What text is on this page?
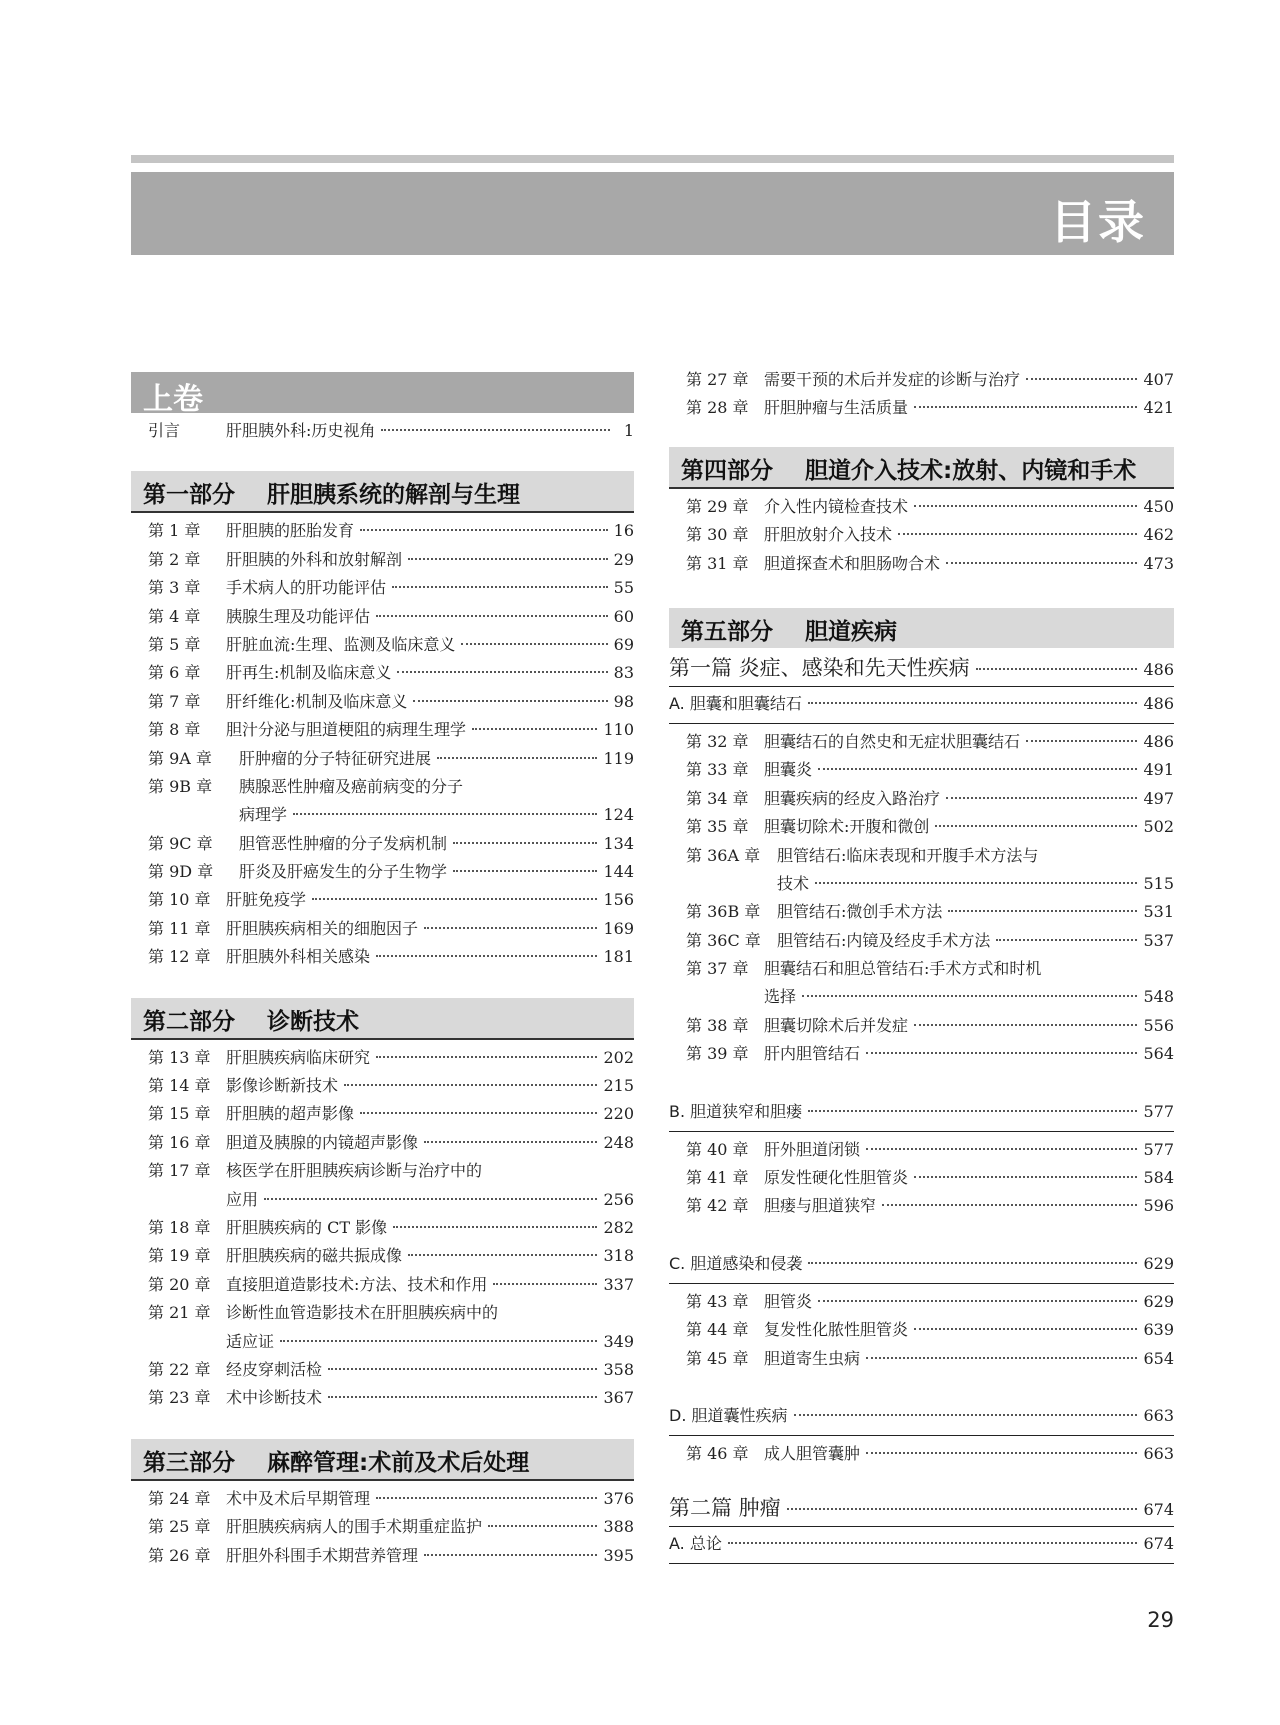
目录
上卷
引言	肝胆胰外科:历史视角	1
第一部分    肝胆胰系统的解剖与生理
第 1 章	肝胆胰的胚胎发育	16
第 2 章	肝胆胰的外科和放射解剖	29
第 3 章	手术病人的肝功能评估	55
第 4 章	胰腺生理及功能评估	60
第 5 章	肝脏血流:生理、监测及临床意义	69
第 6 章	肝再生:机制及临床意义	83
第 7 章	肝纤维化:机制及临床意义	98
第 8 章	胆汁分泌与胆道梗阻的病理生理学	110
第 9A 章	肝肿瘤的分子特征研究进展	119
第 9B 章	胰腺恶性肿瘤及癌前病变的分子
病理学	124
第 9C 章	胆管恶性肿瘤的分子发病机制	134
第 9D 章	肝炎及肝癌发生的分子生物学	144
第 10 章 肝脏免疫学	156
第 11 章 肝胆胰疾病相关的细胞因子	169
第 12 章 肝胆胰外科相关感染	181
第二部分    诊断技术
第 13 章 肝胆胰疾病临床研究	202
第 14 章 影像诊断新技术	215
第 15 章 肝胆胰的超声影像	220
第 16 章 胆道及胰腺的内镜超声影像	248
第 17 章 核医学在肝胆胰疾病诊断与治疗中的
应用	256
第 18 章 肝胆胰疾病的 CT 影像	282
第 19 章 肝胆胰疾病的磁共振成像	318
第 20 章 直接胆道造影技术:方法、技术和作用	337
第 21 章 诊断性血管造影技术在肝胆胰疾病中的
适应证	349
第 22 章 经皮穿刺活检	358
第 23 章 术中诊断技术	367
第三部分    麻醉管理:术前及术后处理
第 24 章 术中及术后早期管理	376
第 25 章 肝胆胰疾病病人的围手术期重症监护	388
第 26 章 肝胆外科围手术期营养管理	395
第 27 章 需要干预的术后并发症的诊断与治疗	407
第 28 章 肝胆肿瘤与生活质量	421
第四部分    胆道介入技术:放射、内镜和手术
第 29 章 介入性内镜检查技术	450
第 30 章 肝胆放射介入技术	462
第 31 章 胆道探查术和胆肠吻合术	473
第五部分    胆道疾病
第一篇 炎症、感染和先天性疾病	486
A. 胆囊和胆囊结石	486
第 32 章 胆囊结石的自然史和无症状胆囊结石	486
第 33 章 胆囊炎	491
第 34 章 胆囊疾病的经皮入路治疗	497
第 35 章 胆囊切除术:开腹和微创	502
第 36A 章	胆管结石:临床表现和开腹手术方法与
技术	515
第 36B 章	胆管结石:微创手术方法	531
第 36C 章	胆管结石:内镜及经皮手术方法	537
第 37 章 胆囊结石和胆总管结石:手术方式和时机
选择	548
第 38 章 胆囊切除术后并发症	556
第 39 章 肝内胆管结石	564
B. 胆道狭窄和胆瘘	577
第 40 章 肝外胆道闭锁	577
第 41 章 原发性硬化性胆管炎	584
第 42 章 胆瘘与胆道狭窄	596
C. 胆道感染和侵袭	629
第 43 章 胆管炎	629
第 44 章 复发性化脓性胆管炎	639
第 45 章 胆道寄生虫病	654
D. 胆道囊性疾病	663
第 46 章 成人胆管囊肿	663
第二篇 肿瘤	674
A. 总论	674
29
